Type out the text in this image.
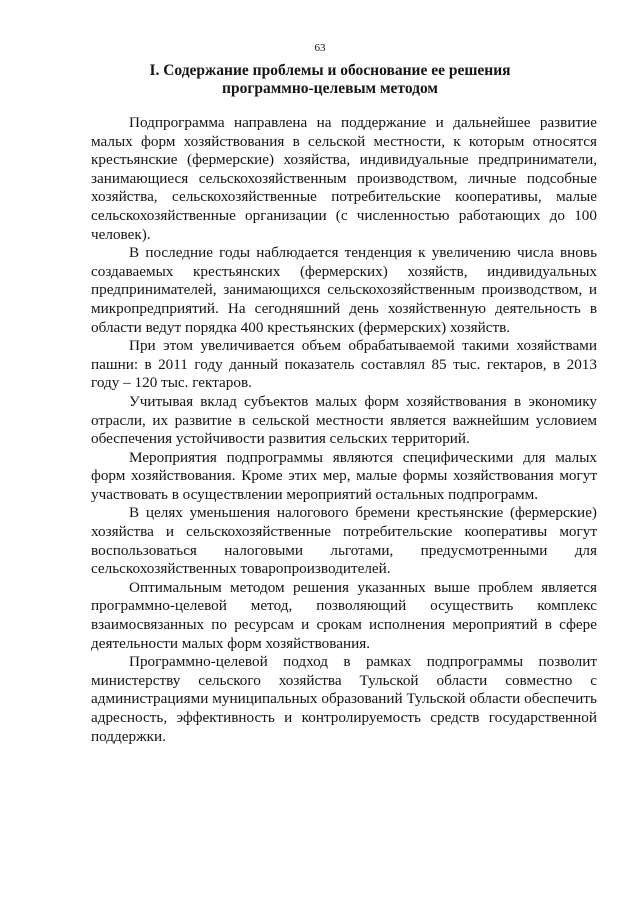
63
I. Содержание проблемы и обоснование ее решения
программно-целевым методом

Подпрограмма направлена на поддержание и дальнейшее развитие малых форм хозяйствования в сельской местности, к которым относятся крестьянские (фермерские) хозяйства, индивидуальные предприниматели, занимающиеся сельскохозяйственным производством, личные подсобные хозяйства, сельскохозяйственные потребительские кооперативы, малые сельскохозяйственные организации (с численностью работающих до 100 человек).

В последние годы наблюдается тенденция к увеличению числа вновь создаваемых крестьянских (фермерских) хозяйств, индивидуальных предпринимателей, занимающихся сельскохозяйственным производством, и микропредприятий. На сегодняшний день хозяйственную деятельность в области ведут порядка 400 крестьянских (фермерских) хозяйств.

При этом увеличивается объем обрабатываемой такими хозяйствами пашни: в 2011 году данный показатель составлял 85 тыс. гектаров, в 2013 году – 120 тыс. гектаров.

Учитывая вклад субъектов малых форм хозяйствования в экономику отрасли, их развитие в сельской местности является важнейшим условием обеспечения устойчивости развития сельских территорий.

Мероприятия подпрограммы являются специфическими для малых форм хозяйствования. Кроме этих мер, малые формы хозяйствования могут участвовать в осуществлении мероприятий остальных подпрограмм.

В целях уменьшения налогового бремени крестьянские (фермерские) хозяйства и сельскохозяйственные потребительские кооперативы могут воспользоваться налоговыми льготами, предусмотренными для сельскохозяйственных товаропроизводителей.

Оптимальным методом решения указанных выше проблем является программно-целевой метод, позволяющий осуществить комплекс взаимосвязанных по ресурсам и срокам исполнения мероприятий в сфере деятельности малых форм хозяйствования.

Программно-целевой подход в рамках подпрограммы позволит министерству сельского хозяйства Тульской области совместно с администрациями муниципальных образований Тульской области обеспечить адресность, эффективность и контролируемость средств государственной поддержки.
